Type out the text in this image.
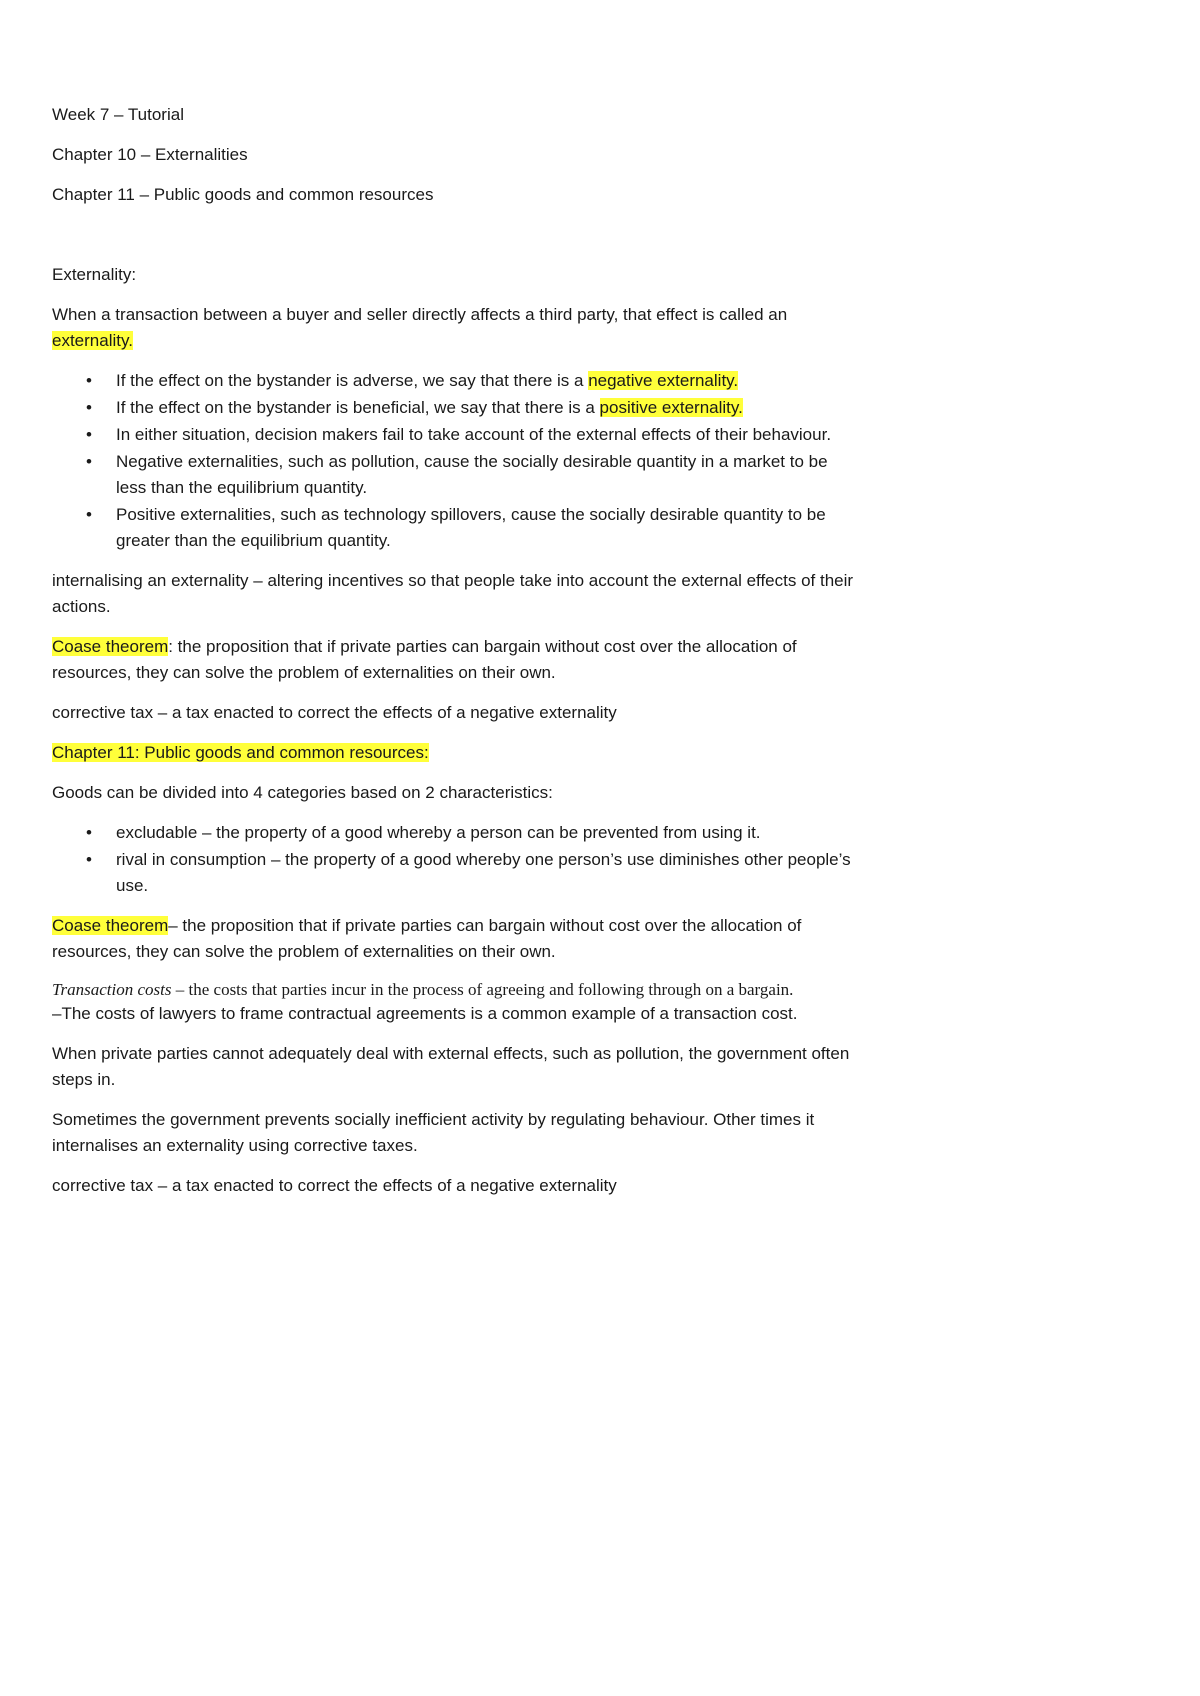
Week 7 – Tutorial

Chapter 10 – Externalities

Chapter 11 – Public goods and common resources

Externality:

When a transaction between a buyer and seller directly affects a third party, that effect is called an externality.

• If the effect on the bystander is adverse, we say that there is a negative externality.
• If the effect on the bystander is beneficial, we say that there is a positive externality.
• In either situation, decision makers fail to take account of the external effects of their behaviour.
• Negative externalities, such as pollution, cause the socially desirable quantity in a market to be less than the equilibrium quantity.
• Positive externalities, such as technology spillovers, cause the socially desirable quantity to be greater than the equilibrium quantity.

internalising an externality – altering incentives so that people take into account the external effects of their actions.

Coase theorem: the proposition that if private parties can bargain without cost over the allocation of resources, they can solve the problem of externalities on their own.

corrective tax – a tax enacted to correct the effects of a negative externality

Chapter 11: Public goods and common resources:

Goods can be divided into 4 categories based on 2 characteristics:

• excludable – the property of a good whereby a person can be prevented from using it.
• rival in consumption – the property of a good whereby one person’s use diminishes other people’s use.

Coase theorem– the proposition that if private parties can bargain without cost over the allocation of resources, they can solve the problem of externalities on their own.

Transaction costs – the costs that parties incur in the process of agreeing and following through on a bargain.

–The costs of lawyers to frame contractual agreements is a common example of a transaction cost.

When private parties cannot adequately deal with external effects, such as pollution, the government often steps in.

Sometimes the government prevents socially inefficient activity by regulating behaviour. Other times it internalises an externality using corrective taxes.

corrective tax – a tax enacted to correct the effects of a negative externality
